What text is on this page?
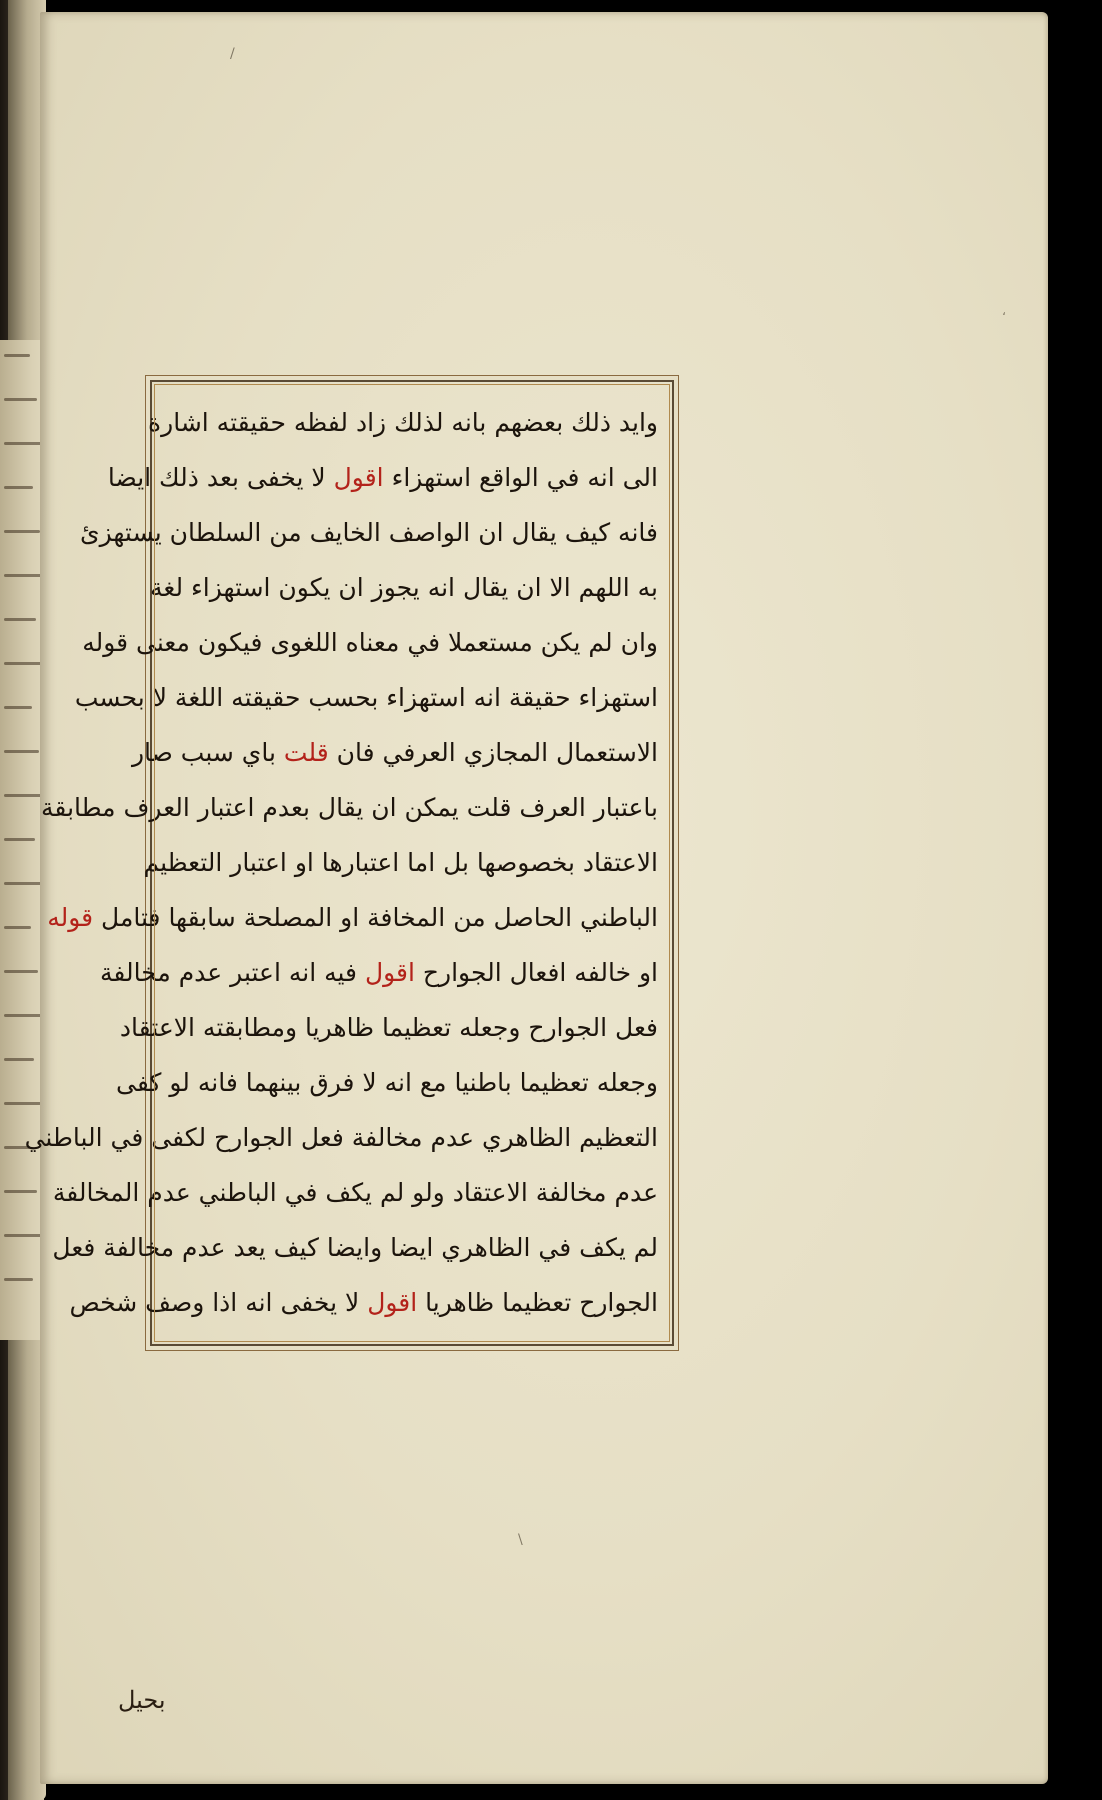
وايد ذلك بعضهم بانه لذلك زاد لفظه حقيقته اشارة
الى انه في الواقع استهزاء اقول لا يخفى بعد ذلك ايضا
فانه كيف يقال ان الواصف الخايف من السلطان يستهزئ
به اللهم الا ان يقال انه يجوز ان يكون استهزاء لغة
وان لم يكن مستعملا في معناه اللغوى فيكون معنى قوله
استهزاء حقيقة انه استهزاء بحسب حقيقته اللغة لا بحسب
الاستعمال المجازي العرفي فان قلت باي سبب صار
باعتبار العرف قلت يمكن ان يقال بعدم اعتبار العرف مطابقة
الاعتقاد بخصوصها بل اما اعتبارها او اعتبار التعظيم
الباطني الحاصل من المخافة او المصلحة سابقها فتامل قوله
او خالفه افعال الجوارح اقول فيه انه اعتبر عدم مخالفة
فعل الجوارح وجعله تعظيما ظاهريا ومطابقته الاعتقاد
وجعله تعظيما باطنيا مع انه لا فرق بينهما فانه لو كفى
التعظيم الظاهري عدم مخالفة فعل الجوارح لكفى في الباطني
عدم مخالفة الاعتقاد ولو لم يكف في الباطني عدم المخالفة
لم يكف في الظاهري ايضا وايضا كيف يعد عدم مخالفة فعل
الجوارح تعظيما ظاهريا اقول لا يخفى انه اذا وصف شخص
/
،
\
بحيل
